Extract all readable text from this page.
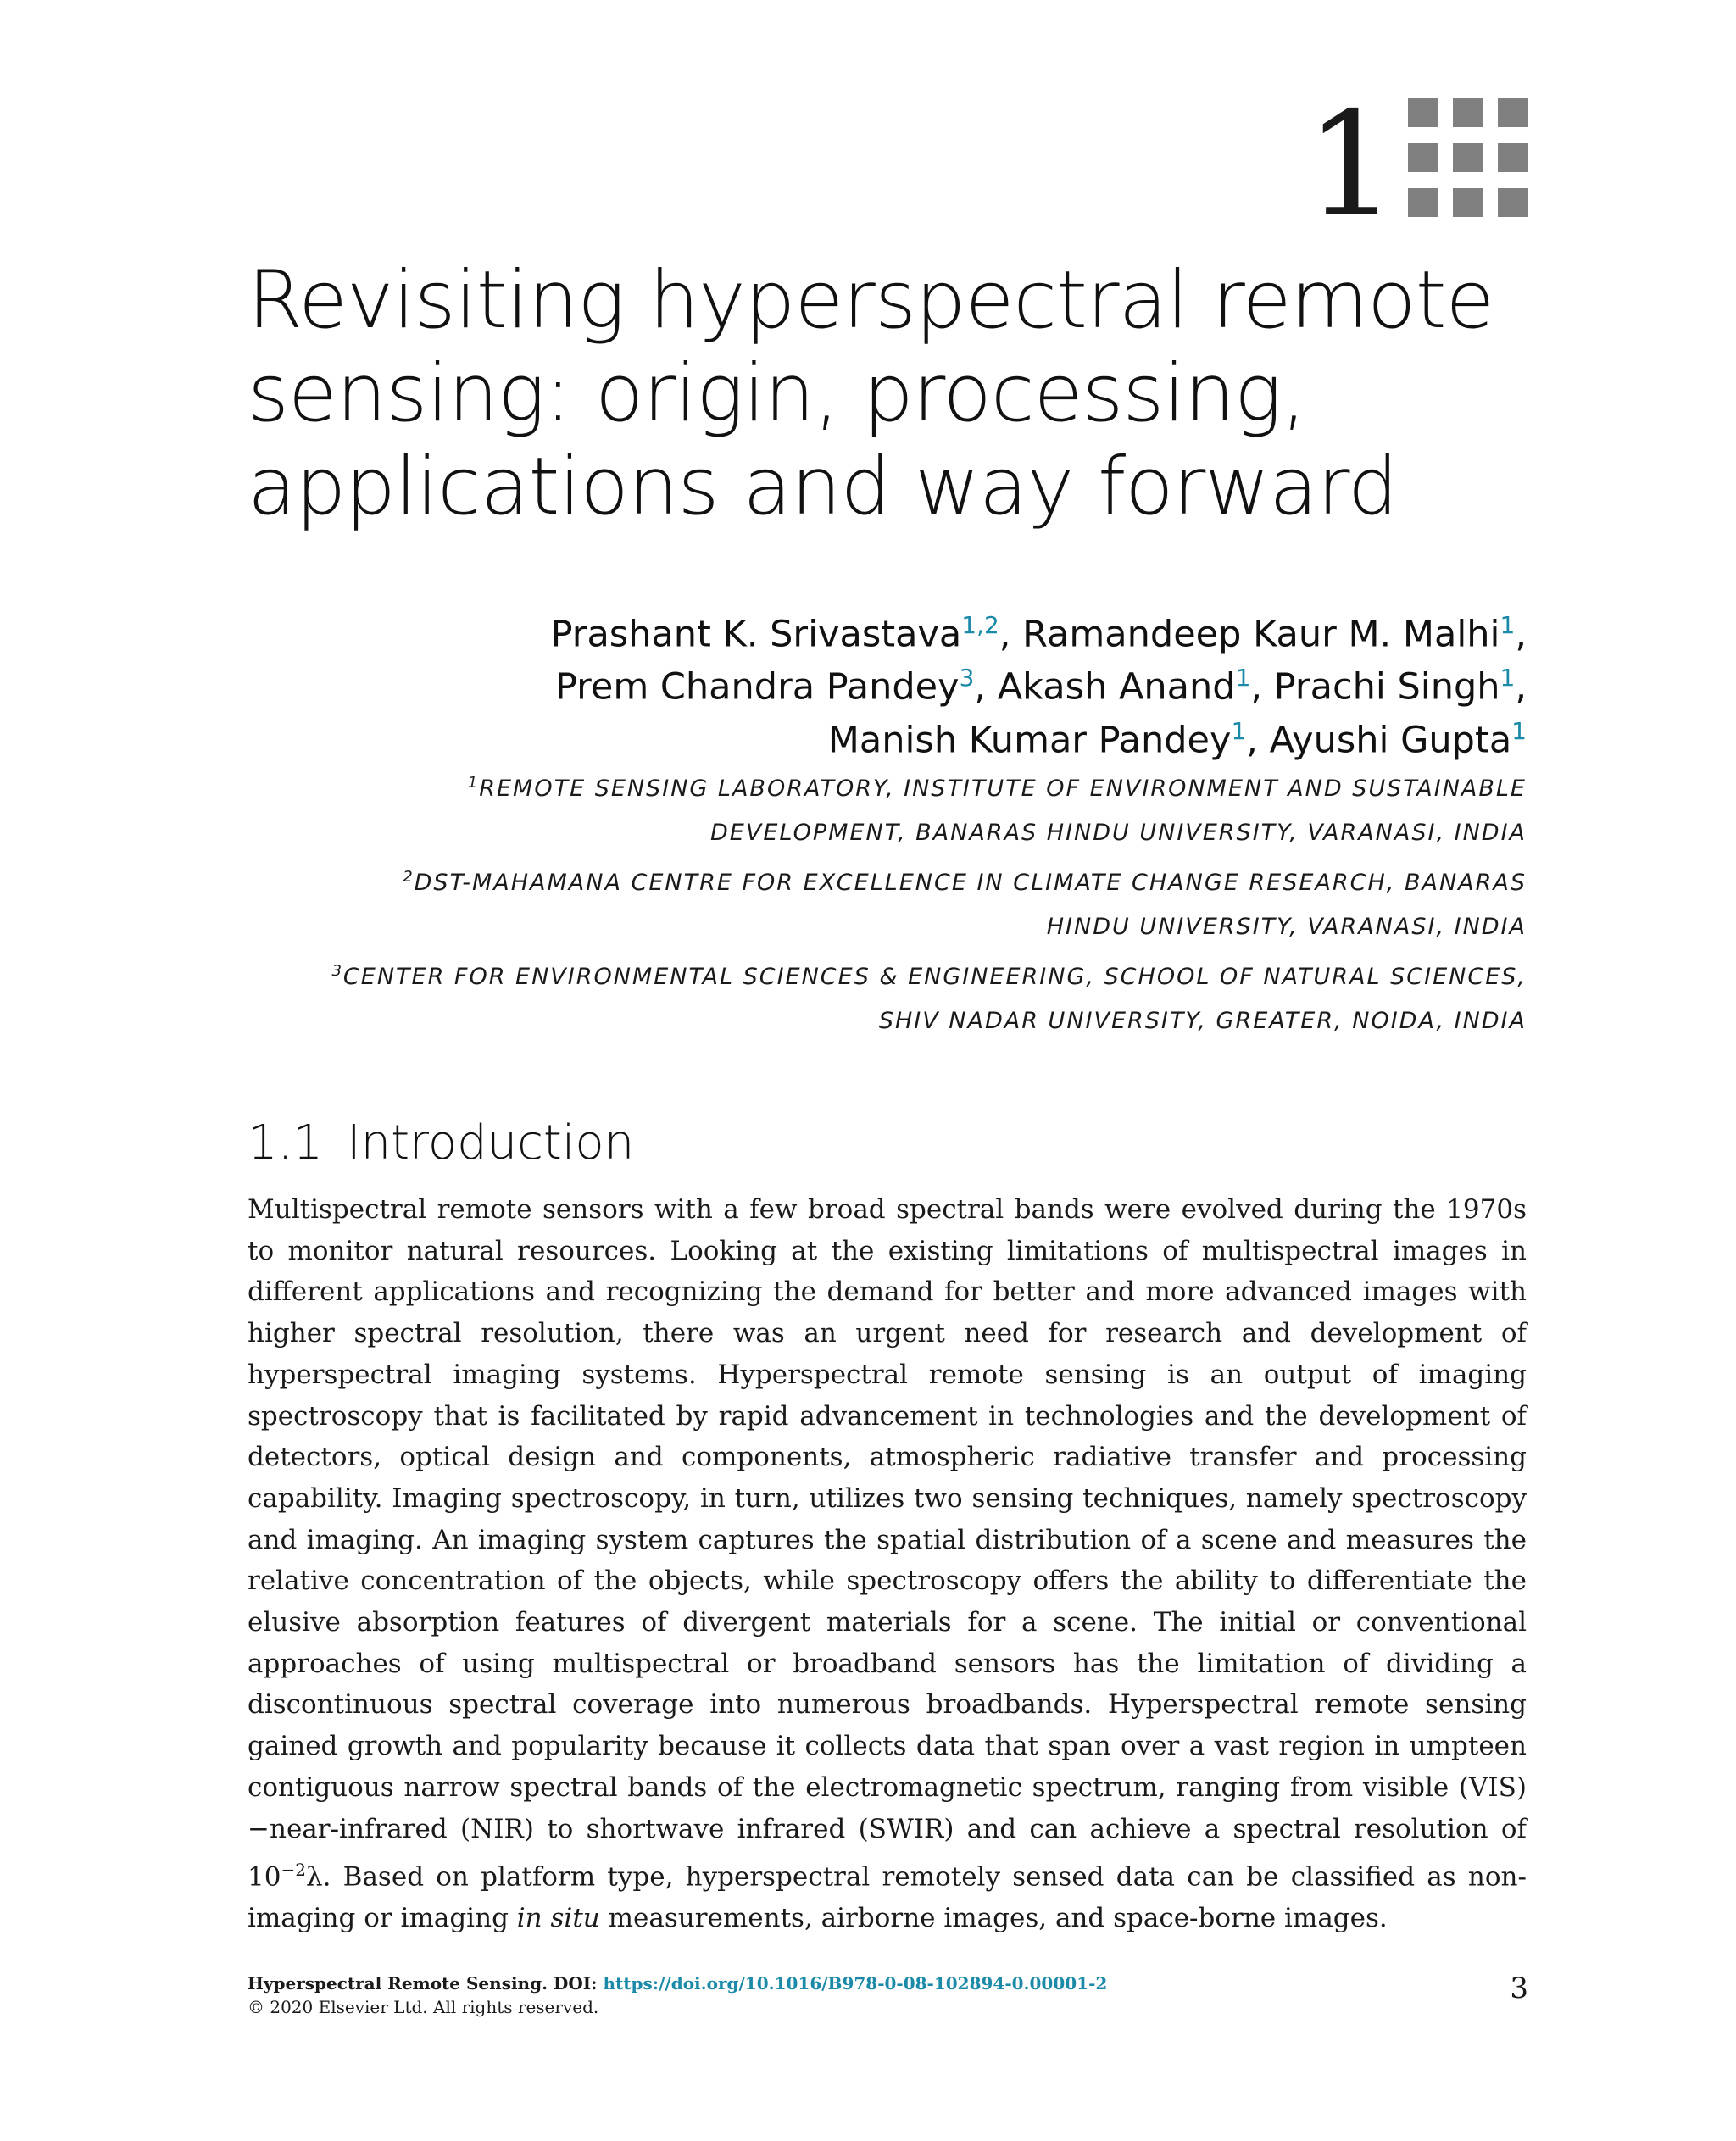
1
Revisiting hyperspectral remote
sensing: origin, processing,
applications and way forward
Prashant K. Srivastava$^{1,2}$, Ramandeep Kaur M. Malhi$^1$,
Prem Chandra Pandey$^3$, Akash Anand$^1$, Prachi Singh$^1$,
Manish Kumar Pandey$^1$, Ayushi Gupta$^1$
$^1$REMOTE SENSING LABORATORY, INSTITUTE OF ENVIRONMENT AND SUSTAINABLE
DEVELOPMENT, BANARAS HINDU UNIVERSITY, VARANASI, INDIA
$^2$DST-MAHAMANA CENTRE FOR EXCELLENCE IN CLIMATE CHANGE RESEARCH, BANARAS
HINDU UNIVERSITY, VARANASI, INDIA
$^3$CENTER FOR ENVIRONMENTAL SCIENCES & ENGINEERING, SCHOOL OF NATURAL SCIENCES,
SHIV NADAR UNIVERSITY, GREATER, NOIDA, INDIA
1.1 Introduction
Multispectral remote sensors with a few broad spectral bands were evolved during the 1970s to monitor natural resources. Looking at the existing limitations of multispectral images in different applications and recognizing the demand for better and more advanced images with higher spectral resolution, there was an urgent need for research and development of hyperspectral imaging systems. Hyperspectral remote sensing is an output of imaging spectroscopy that is facilitated by rapid advancement in technologies and the development of detectors, optical design and components, atmospheric radiative transfer and processing capability. Imaging spectroscopy, in turn, utilizes two sensing techniques, namely spectroscopy and imaging. An imaging system captures the spatial distribution of a scene and measures the relative concentration of the objects, while spectroscopy offers the ability to differentiate the elusive absorption features of divergent materials for a scene. The initial or conventional approaches of using multispectral or broadband sensors has the limitation of dividing a discontinuous spectral coverage into numerous broadbands. Hyperspectral remote sensing gained growth and popularity because it collects data that span over a vast region in umpteen contiguous narrow spectral bands of the electromagnetic spectrum, ranging from visible (VIS)−near-infrared (NIR) to shortwave infrared (SWIR) and can achieve a spectral resolution of $10^{-2}\lambda$. Based on platform type, hyperspectral remotely sensed data can be classified as non-imaging or imaging in situ measurements, airborne images, and space-borne images.
Hyperspectral Remote Sensing. DOI: https://doi.org/10.1016/B978-0-08-102894-0.00001-2
© 2020 Elsevier Ltd. All rights reserved.
3
